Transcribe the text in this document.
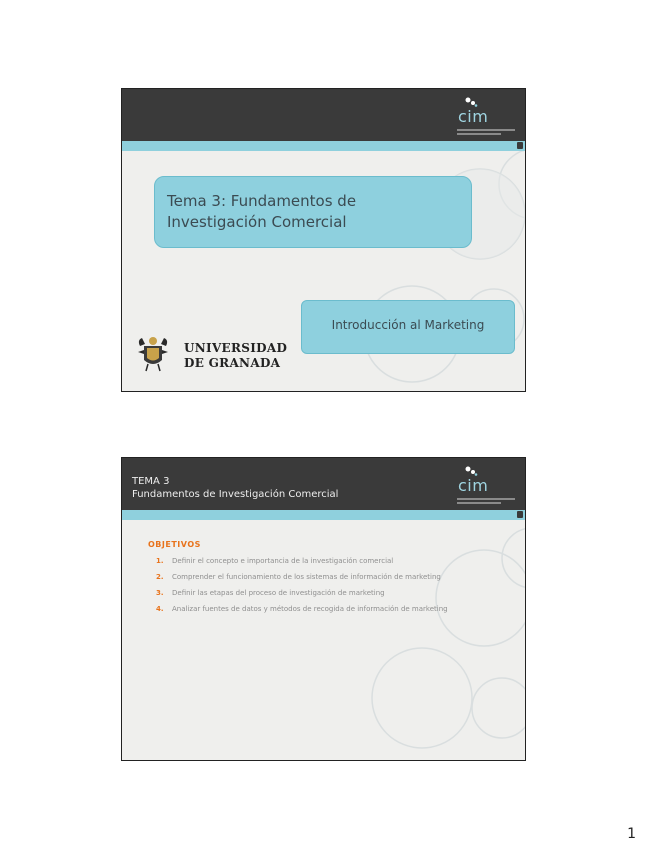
cim
Tema 3: Fundamentos de Investigación Comercial
Introducción al Marketing
UNIVERSIDAD
DE GRANADA
TEMA 3
Fundamentos de Investigación Comercial	cim
OBJETIVOS
1. Definir el concepto e importancia de la investigación comercial
2. Comprender el funcionamiento de los sistemas de información de marketing
3. Definir las etapas del proceso de investigación de marketing
4. Analizar fuentes de datos y métodos de recogida de información de marketing
1
